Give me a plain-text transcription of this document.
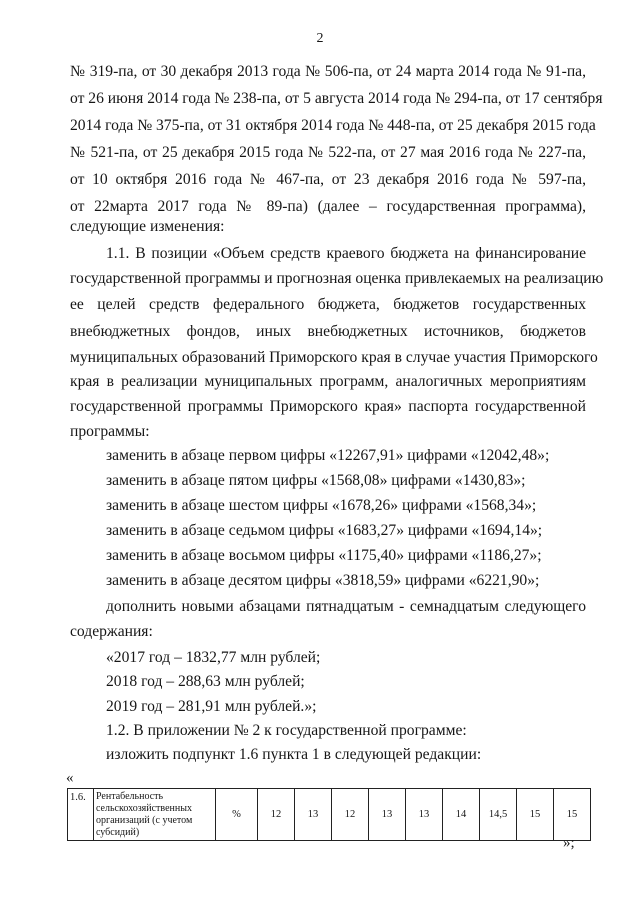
2
№ 319-па, от 30 декабря 2013 года № 506-па, от 24 марта 2014 года № 91-па,
от 26 июня 2014 года № 238-па, от 5 августа 2014 года № 294-па, от 17 сентября
2014 года № 375-па, от 31 октября 2014 года № 448-па, от 25 декабря 2015 года
№ 521-па, от 25 декабря 2015 года № 522-па, от 27 мая 2016 года № 227-па,
от 10 октября 2016 года № 467-па, от 23 декабря 2016 года № 597-па,
от 22марта 2017 года № 89-па) (далее – государственная программа),
следующие изменения:
1.1. В позиции «Объем средств краевого бюджета на финансирование
государственной программы и прогнозная оценка привлекаемых на реализацию
ее целей средств федерального бюджета, бюджетов государственных
внебюджетных фондов, иных внебюджетных источников, бюджетов
муниципальных образований Приморского края в случае участия Приморского
края в реализации муниципальных программ, аналогичных мероприятиям
государственной программы Приморского края» паспорта государственной
программы:
заменить в абзаце первом цифры «12267,91» цифрами «12042,48»;
заменить в абзаце пятом цифры «1568,08» цифрами «1430,83»;
заменить в абзаце шестом цифры «1678,26» цифрами «1568,34»;
заменить в абзаце седьмом цифры «1683,27» цифрами «1694,14»;
заменить в абзаце восьмом цифры «1175,40» цифрами «1186,27»;
заменить в абзаце десятом цифры «3818,59» цифрами «6221,90»;
дополнить новыми абзацами пятнадцатым - семнадцатым следующего
содержания:
«2017 год – 1832,77 млн рублей;
2018 год – 288,63 млн рублей;
2019 год – 281,91 млн рублей.»;
1.2. В приложении № 2 к государственной программе:
изложить подпункт 1.6 пункта 1 в следующей редакции:
«
1.6.	Рентабельность сельскохозяйственных организаций (с учетом субсидий)	%	12	13	12	13	13	14	14,5	15	15
»;
